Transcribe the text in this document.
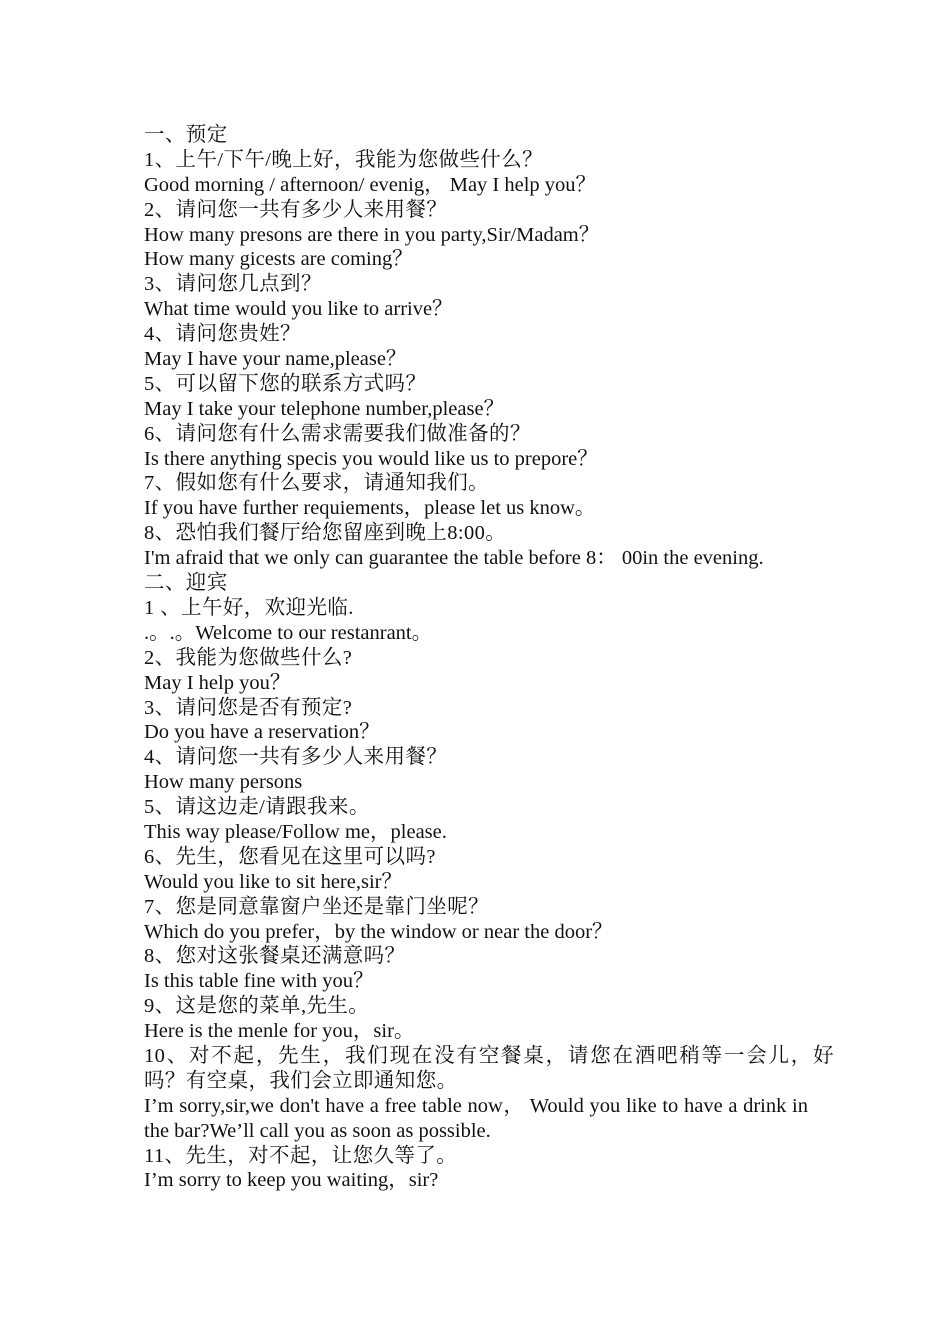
一、预定
1、上午/下午/晚上好，我能为您做些什么？
Good morning / afternoon/ evenig， May I help you？
2、请问您一共有多少人来用餐？
How many presons are there in you party,Sir/Madam？
How many gicests are coming？
3、请问您几点到？
What time would you like to arrive？
4、请问您贵姓？
May I have your name,please？
5、可以留下您的联系方式吗？
May I take your telephone number,please？
6、请问您有什么需求需要我们做准备的？
Is there anything specis you would like us to prepore？
7、假如您有什么要求，请通知我们。
If you have further requiements，please let us know。
8、恐怕我们餐厅给您留座到晚上8:00。
I'm afraid that we only can guarantee the table before 8： 00in the evening.
二、迎宾
1 、上午好，欢迎光临.
.。.。Welcome to our restanrant。
2、我能为您做些什么?
May I help you？
3、请问您是否有预定?
Do you have a reservation？
4、请问您一共有多少人来用餐？
How many persons
5、请这边走/请跟我来。
This way please/Follow me，please.
6、先生，您看见在这里可以吗?
Would you like to sit here,sir？
7、您是同意靠窗户坐还是靠门坐呢？
Which do you prefer，by the window or near the door？
8、您对这张餐桌还满意吗？
Is this table fine with you？
9、这是您的菜单,先生。
Here is the menle for you，sir。
10、对不起，先生，我们现在没有空餐桌，请您在酒吧稍等一会儿，好吗？有空桌，我们会立即通知您。
I’m sorry,sir,we don't have a free table now， Would you like to have a drink in the bar?We’ll call you as soon as possible.
11、先生，对不起，让您久等了。
I’m sorry to keep you waiting，sir?
